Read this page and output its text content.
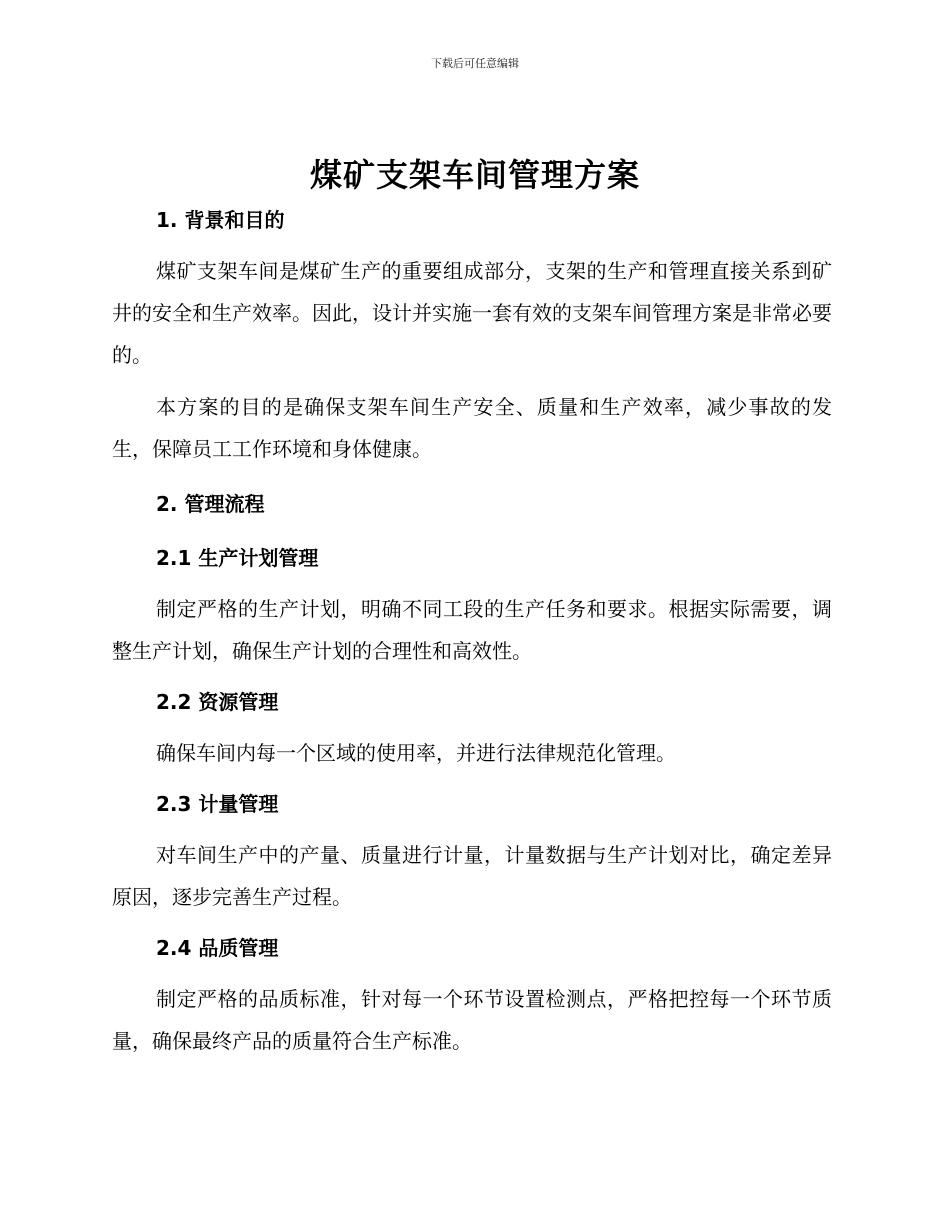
下载后可任意编辑
煤矿支架车间管理方案
1. 背景和目的

煤矿支架车间是煤矿生产的重要组成部分，支架的生产和管理直接关系到矿井的安全和生产效率。因此，设计并实施一套有效的支架车间管理方案是非常必要的。

本方案的目的是确保支架车间生产安全、质量和生产效率，减少事故的发生，保障员工工作环境和身体健康。

2. 管理流程
2.1 生产计划管理

制定严格的生产计划，明确不同工段的生产任务和要求。根据实际需要，调整生产计划，确保生产计划的合理性和高效性。

2.2 资源管理

确保车间内每一个区域的使用率，并进行法律规范化管理。

2.3 计量管理

对车间生产中的产量、质量进行计量，计量数据与生产计划对比，确定差异原因，逐步完善生产过程。

2.4 品质管理

制定严格的品质标准，针对每一个环节设置检测点，严格把控每一个环节质量，确保最终产品的质量符合生产标准。
